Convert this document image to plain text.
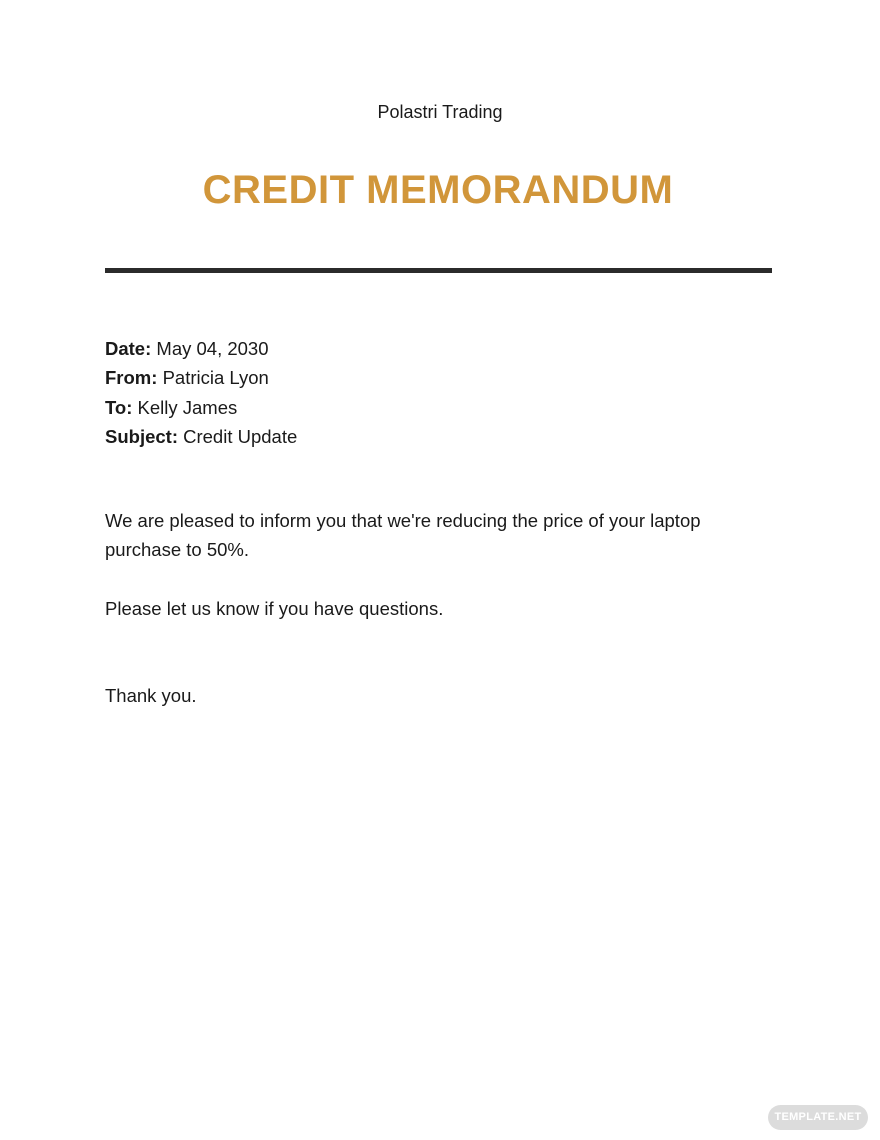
Polastri Trading
CREDIT MEMORANDUM
Date: May 04, 2030
From: Patricia Lyon
To: Kelly James
Subject: Credit Update
We are pleased to inform you that we're reducing the price of your laptop purchase to 50%.
Please let us know if you have questions.
Thank you.
TEMPLATE.NET
